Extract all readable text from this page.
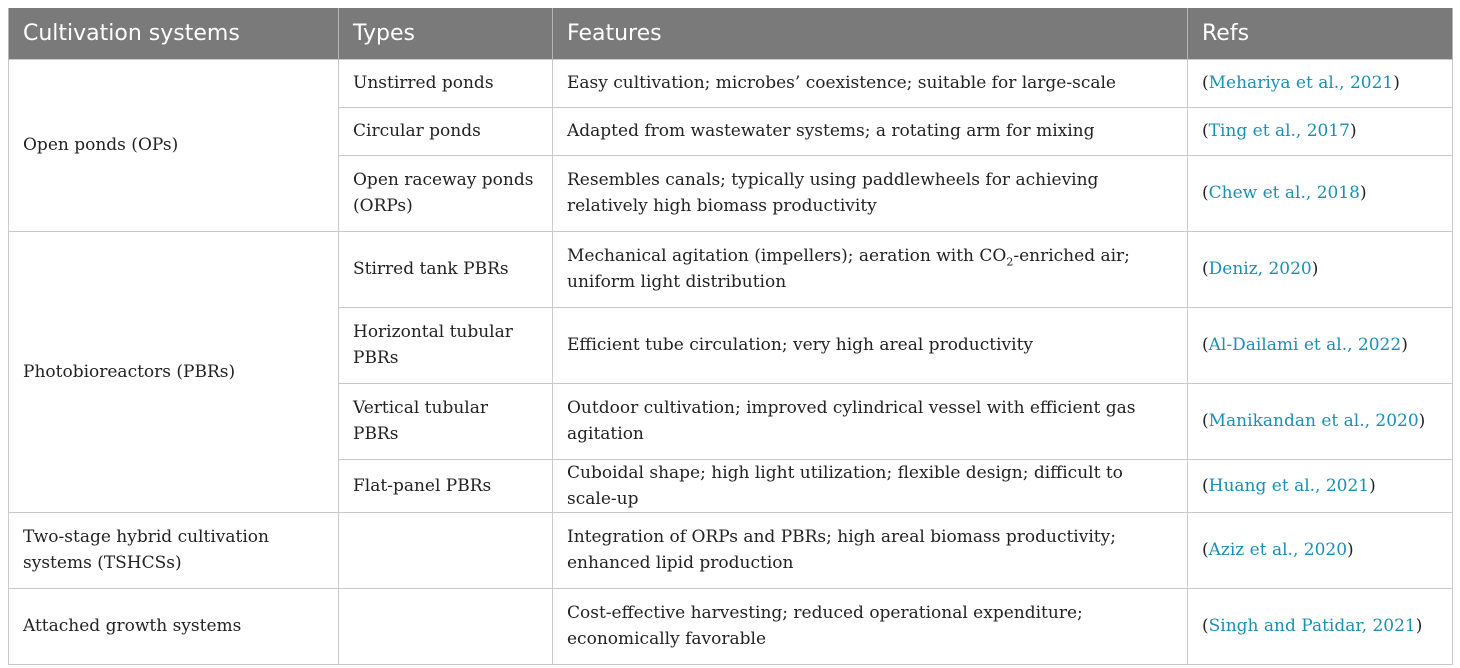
Cultivation systems	Types	Features	Refs
Open ponds (OPs)	Unstirred ponds	Easy cultivation; microbes’ coexistence; suitable for large-scale	(Mehariya et al., 2021)
	Circular ponds	Adapted from wastewater systems; a rotating arm for mixing	(Ting et al., 2017)
	Open raceway ponds (ORPs)	Resembles canals; typically using paddlewheels for achieving relatively high biomass productivity	(Chew et al., 2018)
Photobioreactors (PBRs)	Stirred tank PBRs	Mechanical agitation (impellers); aeration with $CO_2$-enriched air; uniform light distribution	(Deniz, 2020)
	Horizontal tubular PBRs	Efficient tube circulation; very high areal productivity	(Al-Dailami et al., 2022)
	Vertical tubular PBRs	Outdoor cultivation; improved cylindrical vessel with efficient gas agitation	(Manikandan et al., 2020)
	Flat-panel PBRs	Cuboidal shape; high light utilization; flexible design; difficult to scale-up	(Huang et al., 2021)
Two-stage hybrid cultivation systems (TSHCSs)		Integration of ORPs and PBRs; high areal biomass productivity; enhanced lipid production	(Aziz et al., 2020)
Attached growth systems		Cost-effective harvesting; reduced operational expenditure; economically favorable	(Singh and Patidar, 2021)
